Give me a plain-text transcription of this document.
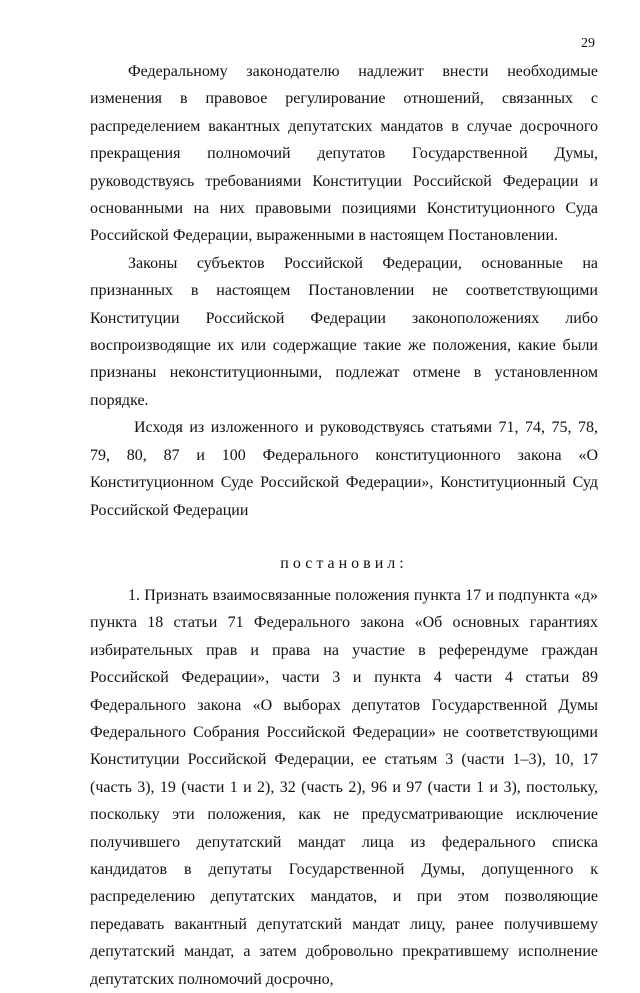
29

Федеральному законодателю надлежит внести необходимые изменения в правовое регулирование отношений, связанных с распределением вакантных депутатских мандатов в случае досрочного прекращения полномочий депутатов Государственной Думы, руководствуясь требованиями Конституции Российской Федерации и основанными на них правовыми позициями Конституционного Суда Российской Федерации, выраженными в настоящем Постановлении.

Законы субъектов Российской Федерации, основанные на признанных в настоящем Постановлении не соответствующими Конституции Российской Федерации законоположениях либо воспроизводящие их или содержащие такие же положения, какие были признаны неконституционными, подлежат отмене в установленном порядке.

Исходя из изложенного и руководствуясь статьями 71, 74, 75, 78, 79, 80, 87 и 100 Федерального конституционного закона «О Конституционном Суде Российской Федерации», Конституционный Суд Российской Федерации

постановил:

1. Признать взаимосвязанные положения пункта 17 и подпункта «д» пункта 18 статьи 71 Федерального закона «Об основных гарантиях избирательных прав и права на участие в референдуме граждан Российской Федерации», части 3 и пункта 4 части 4 статьи 89 Федерального закона «О выборах депутатов Государственной Думы Федерального Собрания Российской Федерации» не соответствующими Конституции Российской Федерации, ее статьям 3 (части 1–3), 10, 17 (часть 3), 19 (части 1 и 2), 32 (часть 2), 96 и 97 (части 1 и 3), постольку, поскольку эти положения, как не предусматривающие исключение получившего депутатский мандат лица из федерального списка кандидатов в депутаты Государственной Думы, допущенного к распределению депутатских мандатов, и при этом позволяющие передавать вакантный депутатский мандат лицу, ранее получившему депутатский мандат, а затем добровольно прекратившему исполнение депутатских полномочий досрочно,
